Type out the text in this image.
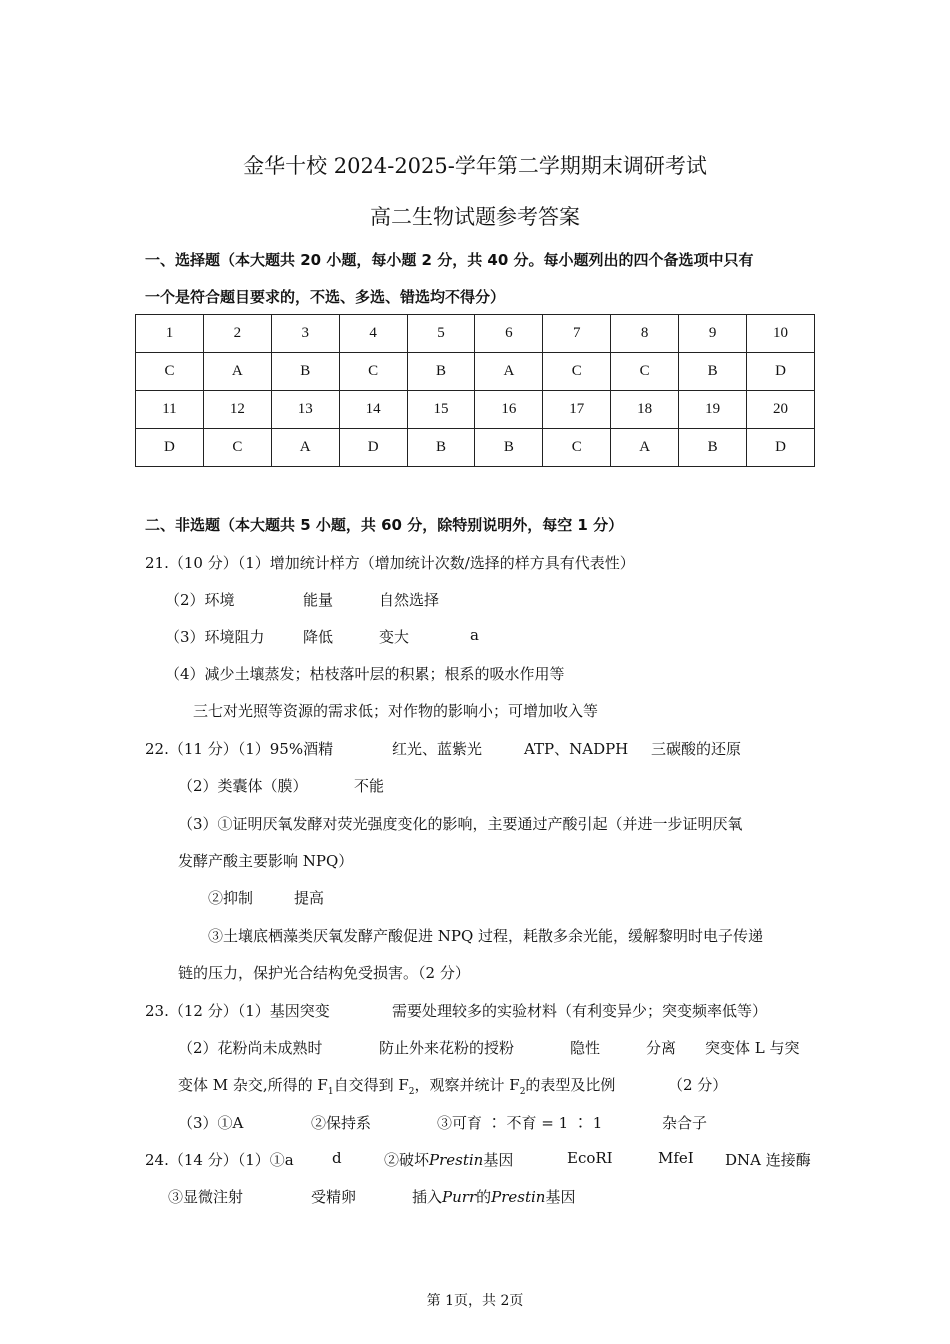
金华十校 2024-2025-学年第二学期期末调研考试
高二生物试题参考答案
一、选择题（本大题共 20 小题，每小题 2 分，共 40 分。每小题列出的四个备选项中只有
一个是符合题目要求的，不选、多选、错选均不得分）
1	2	3	4	5	6	7	8	9	10
C	A	B	C	B	A	C	C	B	D
11	12	13	14	15	16	17	18	19	20
D	C	A	D	B	B	C	A	B	D
二、非选题（本大题共 5 小题，共 60 分，除特别说明外，每空 1 分）
21.（10 分）（1）增加统计样方（增加统计次数/选择的样方具有代表性）
（2）环境	能量	自然选择
（3）环境阻力	降低	变大	a
（4）减少土壤蒸发；枯枝落叶层的积累；根系的吸水作用等
三七对光照等资源的需求低；对作物的影响小；可增加收入等
22.（11 分）（1）95%酒精	红光、蓝紫光	ATP、NADPH 三碳酸的还原
（2）类囊体（膜）	不能
（3）①证明厌氧发酵对荧光强度变化的影响，主要通过产酸引起（并进一步证明厌氧
发酵产酸主要影响 NPQ）
②抑制	提高
③土壤底栖藻类厌氧发酵产酸促进 NPQ 过程，耗散多余光能，缓解黎明时电子传递
链的压力，保护光合结构免受损害。（2 分）
23.（12 分）（1）基因突变	需要处理较多的实验材料（有利变异少；突变频率低等）
（2）花粉尚未成熟时	防止外来花粉的授粉	隐性	分离 突变体 L 与突
变体 M 杂交,所得的 $F_1$自交得到 $F_2$，观察并统计 $F_2$的表型及比例	（2 分）
（3）①A	②保持系	③可育 ∶ 不育 = 1 ∶ 1	杂合子
24.（14 分）（1）①a	d	②破坏Prestin基因	EcoRⅠ	MfeⅠ DNA 连接酶
③显微注射	受精卵	插入Purr的Prestin基因
第 1页，共 2页
